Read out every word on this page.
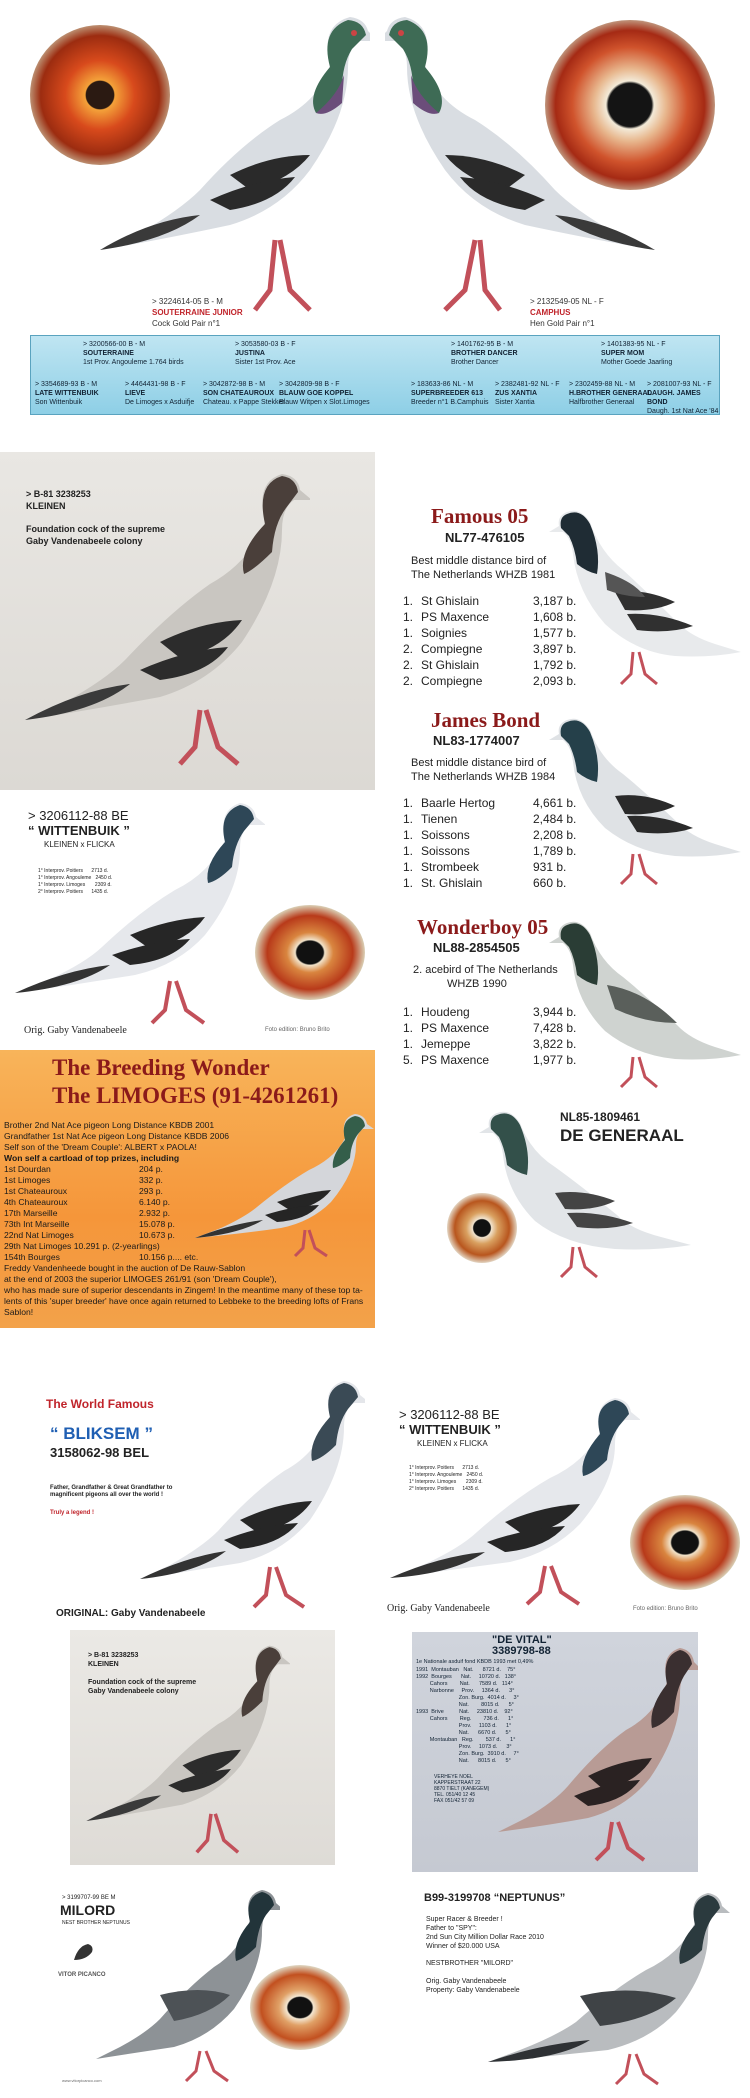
> 3224614-05 B - M
SOUTERRAINE JUNIOR
Cock Gold Pair n°1
> 2132549-05 NL - F
CAMPHUS
Hen Gold Pair n°1
> 3200566-00 B - M
SOUTERRAINE
1st Prov. Angouleme 1.764 birds
> 3053580-03 B - F
JUSTINA
Sister 1st Prov. Ace
> 1401762-95 B - M
BROTHER DANCER
Brother Dancer
> 1401383-95 NL - F
SUPER MOM
Mother Goede Jaarling
> 3354689-93 B - M
LATE WITTENBUIK
Son Wittenbuik
> 4464431-98 B - F
LIEVE
De Limoges x Asduifje
> 3042872-98 B - M
SON CHATEAUROUX
Chateau. x Pappe Stekker
> 3042809-98 B - F
BLAUW GOE KOPPEL
Blauw Witpen x Slot.Limoges
> 183633-86 NL - M
SUPERBREEDER 613
Breeder n°1 B.Camphuis
> 2382481-92 NL - F
ZUS XANTIA
Sister Xantia
> 2302459-88 NL - M
H.BROTHER GENERAAL
Halfbrother Generaal
> 2081007-93 NL - F
DAUGH. JAMES BOND
Daugh. 1st Nat Ace '84
> B-81 3238253
KLEINEN
Foundation cock of the supreme
Gaby Vandenabeele colony
> 3206112-88 BE
“ WITTENBUIK ”
KLEINEN x FLICKA
1° Interprov. Poitiers      2713 d.
1° Interprov. Angouleme   2450 d.
1° Interprov. Limoges       2309 d.
2° Interprov. Poitiers      1435 d.
Orig. Gaby Vandenabeele	Foto edition: Bruno Brito
The Breeding Wonder
The LIMOGES (91-4261261)
Brother 2nd Nat Ace pigeon Long Distance KBDB 2001
Grandfather 1st Nat Ace pigeon Long Distance KBDB 2006
Self son of the 'Dream Couple': ALBERT x PAOLA!
Won self a cartload of top prizes, including
1st Dourdan	204 p.
1st Limoges	332 p.
1st Chateauroux	293 p.
4th Chateauroux	6.140 p.
17th Marseille	2.932 p.
73th Int Marseille	15.078 p.
22nd Nat Limoges	10.673 p.
29th Nat Limoges 10.291 p. (2-yearlings)
154th Bourges	10.156 p.... etc.
Freddy Vandenheede bought in the auction of De Rauw-Sablon
at the end of 2003 the superior LIMOGES 261/91 (son 'Dream Couple'),
who has made sure of superior descendants in Zingem! In the meantime many of these top ta-
lents of this 'super breeder' have once again returned to Lebbeke to the breeding lofts of Frans
Sablon!
Famous 05
NL77-476105
Best middle distance bird of
The Netherlands WHZB 1981
1. St Ghislain	3,187 b.
1. PS Maxence	1,608 b.
1. Soignies	1,577 b.
2. Compiegne	3,897 b.
2. St Ghislain	1,792 b.
2. Compiegne	2,093 b.
James Bond
NL83-1774007
Best middle distance bird of
The Netherlands WHZB 1984
1. Baarle Hertog	4,661 b.
1. Tienen	2,484 b.
1. Soissons	2,208 b.
1. Soissons	1,789 b.
1. Strombeek	931 b.
1. St. Ghislain	660 b.
Wonderboy 05
NL88-2854505
2. acebird of The Netherlands
WHZB 1990
1. Houdeng	3,944 b.
1. PS Maxence	7,428 b.
1. Jemeppe	3,822 b.
5. PS Maxence	1,977 b.
NL85-1809461
DE GENERAAL
The World Famous
“ BLIKSEM ”
3158062-98 BEL
Father, Grandfather & Great Grandfather to
magnificent pigeons all over the world !
Truly a legend !
ORIGINAL: Gaby Vandenabeele
> 3206112-88 BE
“ WITTENBUIK ”
KLEINEN x FLICKA
1° Interprov. Poitiers      2713 d.
1° Interprov. Angouleme   2450 d.
1° Interprov. Limoges       2309 d.
2° Interprov. Poitiers      1435 d.
Orig. Gaby Vandenabeele	Foto edition: Bruno Brito
> B-81 3238253
KLEINEN
Foundation cock of the supreme
Gaby Vandenabeele colony
"DE VITAL"
3389798-88
1e Nationale asduif fond KBDB 1993 met 0,49%
1991  Montauban   Nat.      8721 d.    75°
1992  Bourges      Nat.     10720 d.   138°
Cahors        Nat.      7589 d.   114°
Narbonne     Prov.     1364 d.      3°
Zon. Burg.  4014 d.     3°
Nat.        8015 d.      5°
1993  Brive          Nat.     23810 d.    92°
Cahors        Reg.        736 d.      1°
Prov.     1103 d.      1°
Nat.      6670 d.      5°
Montauban   Reg.        537 d.      1°
Prov.     1073 d.      3°
Zon. Burg.  3910 d.     7°
Nat.      8015 d.      5°
VERHEYE NOEL
KAPPERSTRAAT 22
8870 TIELT (KANEGEM)
TEL. 051/40 12 45
FAX 051/42 57 09
> 3199707-99 BE M
MILORD
NEST BROTHER NEPTUNUS
VITOR PICANCO
www.vitorpicanco.com
B99-3199708 “NEPTUNUS”
Super Racer & Breeder !
Father to "SPY":
2nd Sun City Million Dollar Race 2010
Winner of $20.000 USA
NESTBROTHER "MILORD"
Orig. Gaby Vandenabeele
Property: Gaby Vandenabeele
